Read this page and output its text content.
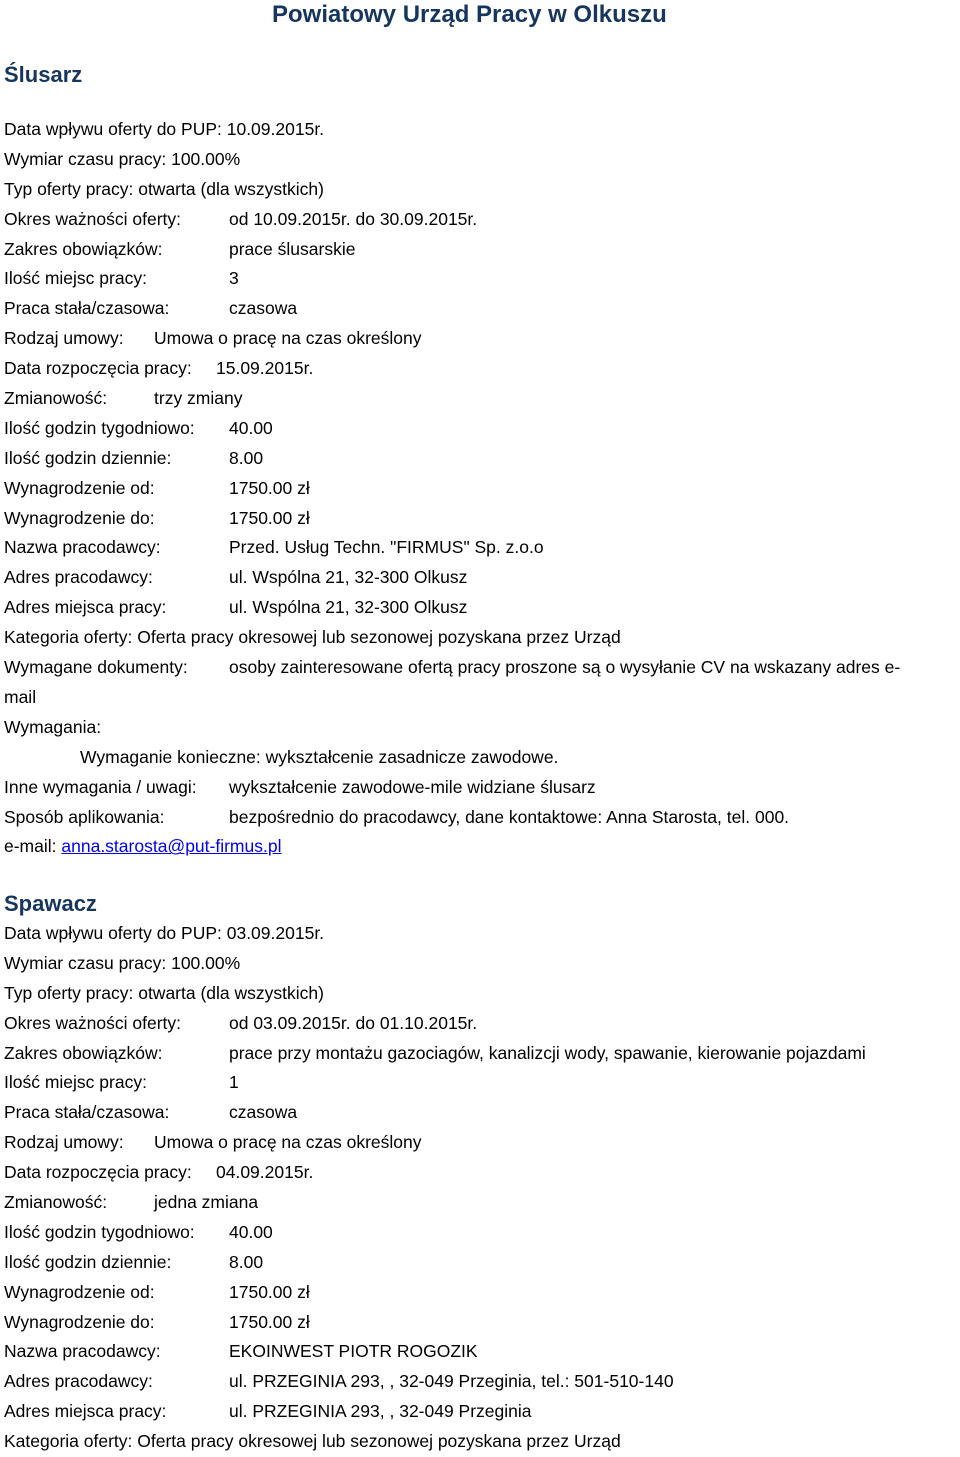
Powiatowy Urząd Pracy w Olkuszu
Ślusarz
Data wpływu oferty do PUP: 10.09.2015r.
Wymiar czasu pracy: 100.00%
Typ oferty pracy: otwarta (dla wszystkich)
Okres ważności oferty:	od 10.09.2015r. do 30.09.2015r.
Zakres obowiązków:	prace ślusarskie
Ilość miejsc pracy:	3
Praca stała/czasowa:	czasowa
Rodzaj umowy: Umowa o pracę na czas określony
Data rozpoczęcia pracy: 15.09.2015r.
Zmianowość:	trzy zmiany
Ilość godzin tygodniowo: 40.00
Ilość godzin dziennie:	8.00
Wynagrodzenie od:	1750.00 zł
Wynagrodzenie do:	1750.00 zł
Nazwa pracodawcy:	Przed. Usług Techn. "FIRMUS" Sp. z.o.o
Adres pracodawcy:	ul. Wspólna 21, 32-300 Olkusz
Adres miejsca pracy:	ul. Wspólna 21, 32-300 Olkusz
Kategoria oferty: Oferta pracy okresowej lub sezonowej pozyskana przez Urząd
Wymagane dokumenty: osoby zainteresowane ofertą pracy proszone są o wysyłanie CV na wskazany adres e-
mail
Wymagania:
Wymaganie konieczne: wykształcenie zasadnicze zawodowe.
Inne wymagania / uwagi: wykształcenie zawodowe-mile widziane ślusarz
Sposób aplikowania:	bezpośrednio do pracodawcy, dane kontaktowe: Anna Starosta, tel. 000.
e-mail: anna.starosta@put-firmus.pl
Spawacz
Data wpływu oferty do PUP: 03.09.2015r.
Wymiar czasu pracy: 100.00%
Typ oferty pracy: otwarta (dla wszystkich)
Okres ważności oferty:	od 03.09.2015r. do 01.10.2015r.
Zakres obowiązków:	prace przy montażu gazociagów, kanalizcji wody, spawanie, kierowanie pojazdami
Ilość miejsc pracy:	1
Praca stała/czasowa:	czasowa
Rodzaj umowy: Umowa o pracę na czas określony
Data rozpoczęcia pracy: 04.09.2015r.
Zmianowość:	jedna zmiana
Ilość godzin tygodniowo: 40.00
Ilość godzin dziennie:	8.00
Wynagrodzenie od:	1750.00 zł
Wynagrodzenie do:	1750.00 zł
Nazwa pracodawcy:	EKOINWEST PIOTR ROGOZIK
Adres pracodawcy:	ul. PRZEGINIA 293, , 32-049 Przeginia, tel.: 501-510-140
Adres miejsca pracy:	ul. PRZEGINIA 293, , 32-049 Przeginia
Kategoria oferty: Oferta pracy okresowej lub sezonowej pozyskana przez Urząd
